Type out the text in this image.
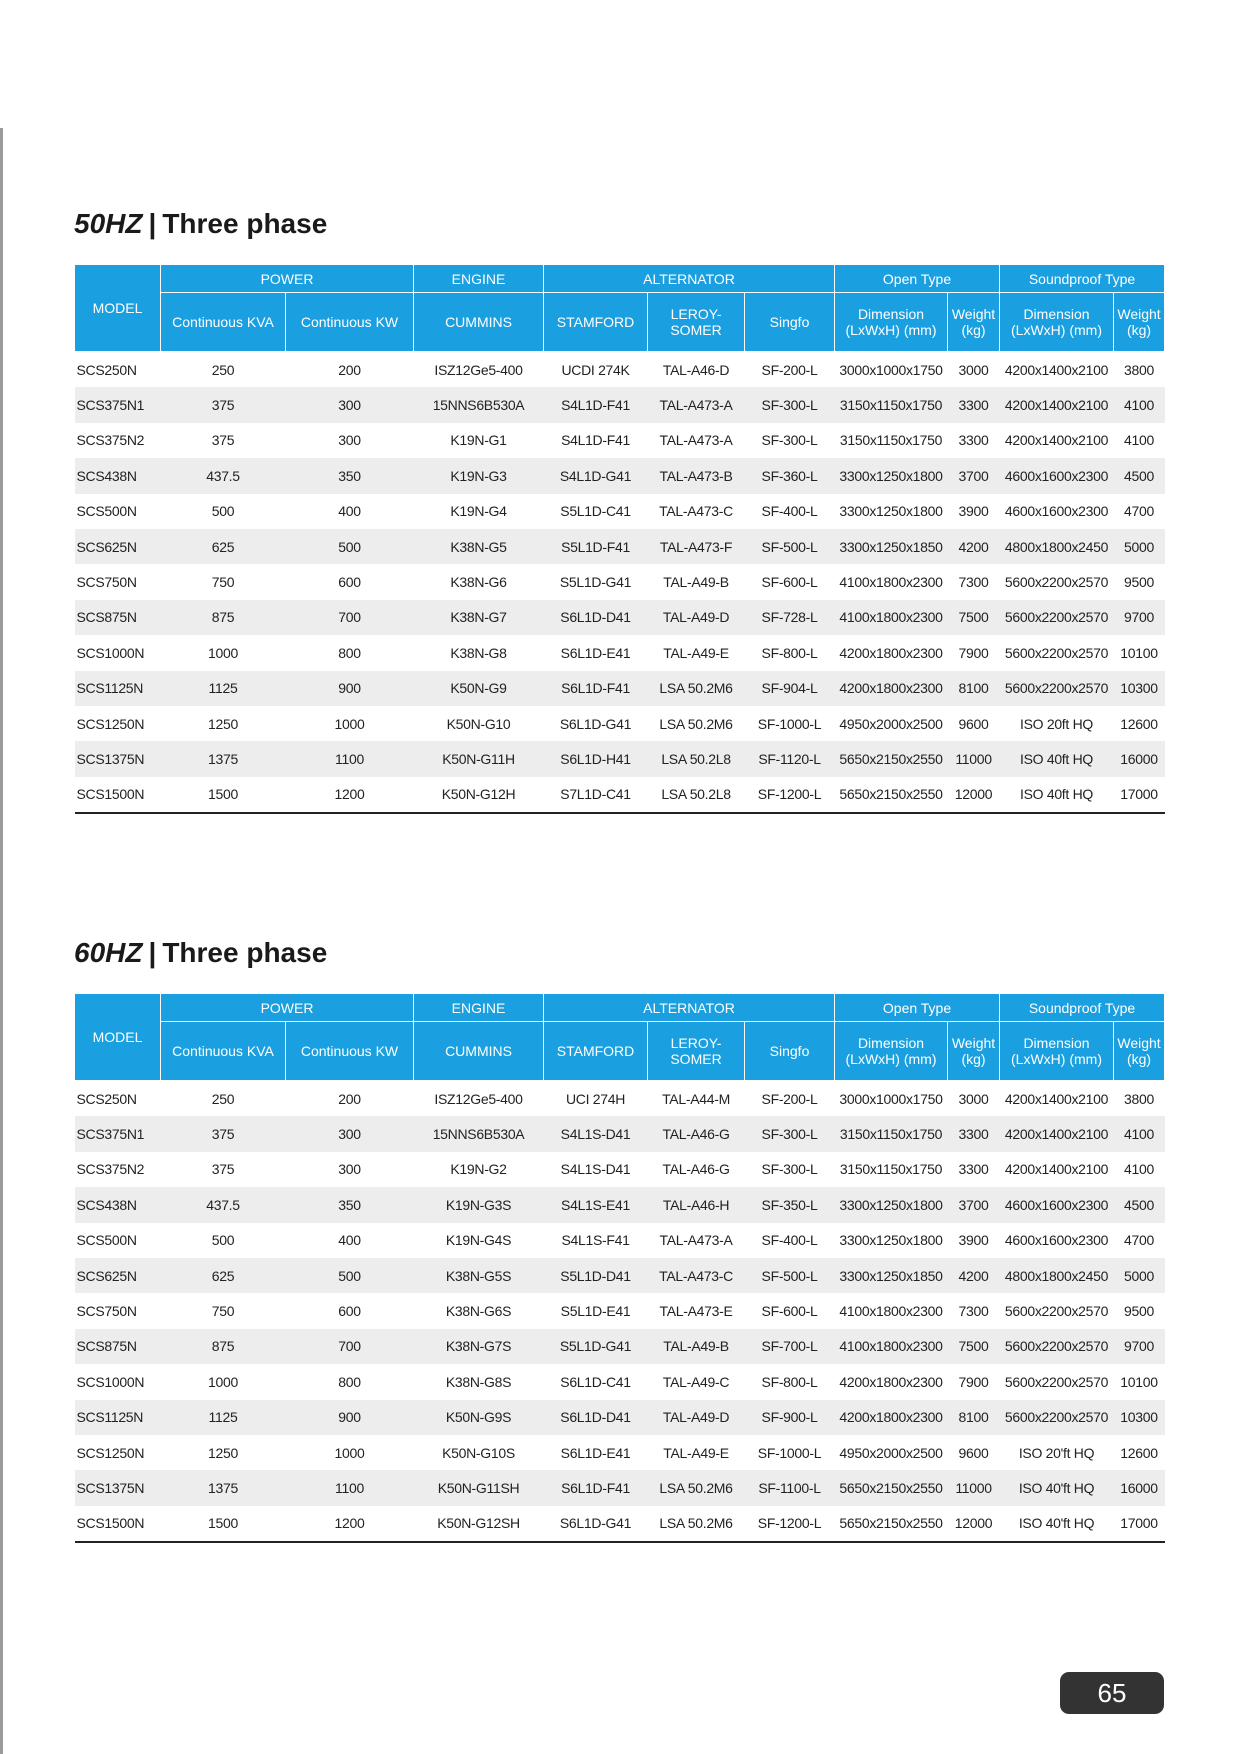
50HZ | Three phase
MODEL	POWER		ENGINE	ALTERNATOR			Open Type		Soundproof Type	
	Continuous KVA	Continuous KW	CUMMINS	STAMFORD	LEROY-SOMER	Singfo	Dimension (LxWxH) (mm)	Weight (kg)	Dimension (LxWxH) (mm)	Weight (kg)
SCS250N	250	200	ISZ12Ge5-400	UCDI 274K	TAL-A46-D	SF-200-L	3000x1000x1750	3000	4200x1400x2100	3800
SCS375N1	375	300	15NNS6B530A	S4L1D-F41	TAL-A473-A	SF-300-L	3150x1150x1750	3300	4200x1400x2100	4100
SCS375N2	375	300	K19N-G1	S4L1D-F41	TAL-A473-A	SF-300-L	3150x1150x1750	3300	4200x1400x2100	4100
SCS438N	437.5	350	K19N-G3	S4L1D-G41	TAL-A473-B	SF-360-L	3300x1250x1800	3700	4600x1600x2300	4500
SCS500N	500	400	K19N-G4	S5L1D-C41	TAL-A473-C	SF-400-L	3300x1250x1800	3900	4600x1600x2300	4700
SCS625N	625	500	K38N-G5	S5L1D-F41	TAL-A473-F	SF-500-L	3300x1250x1850	4200	4800x1800x2450	5000
SCS750N	750	600	K38N-G6	S5L1D-G41	TAL-A49-B	SF-600-L	4100x1800x2300	7300	5600x2200x2570	9500
SCS875N	875	700	K38N-G7	S6L1D-D41	TAL-A49-D	SF-728-L	4100x1800x2300	7500	5600x2200x2570	9700
SCS1000N	1000	800	K38N-G8	S6L1D-E41	TAL-A49-E	SF-800-L	4200x1800x2300	7900	5600x2200x2570	10100
SCS1125N	1125	900	K50N-G9	S6L1D-F41	LSA 50.2M6	SF-904-L	4200x1800x2300	8100	5600x2200x2570	10300
SCS1250N	1250	1000	K50N-G10	S6L1D-G41	LSA 50.2M6	SF-1000-L	4950x2000x2500	9600	ISO 20ft HQ	12600
SCS1375N	1375	1100	K50N-G11H	S6L1D-H41	LSA 50.2L8	SF-1120-L	5650x2150x2550	11000	ISO 40ft HQ	16000
SCS1500N	1500	1200	K50N-G12H	S7L1D-C41	LSA 50.2L8	SF-1200-L	5650x2150x2550	12000	ISO 40ft HQ	17000
60HZ | Three phase
MODEL	POWER		ENGINE	ALTERNATOR			Open Type		Soundproof Type	
	Continuous KVA	Continuous KW	CUMMINS	STAMFORD	LEROY-SOMER	Singfo	Dimension (LxWxH) (mm)	Weight (kg)	Dimension (LxWxH) (mm)	Weight (kg)
SCS250N	250	200	ISZ12Ge5-400	UCI 274H	TAL-A44-M	SF-200-L	3000x1000x1750	3000	4200x1400x2100	3800
SCS375N1	375	300	15NNS6B530A	S4L1S-D41	TAL-A46-G	SF-300-L	3150x1150x1750	3300	4200x1400x2100	4100
SCS375N2	375	300	K19N-G2	S4L1S-D41	TAL-A46-G	SF-300-L	3150x1150x1750	3300	4200x1400x2100	4100
SCS438N	437.5	350	K19N-G3S	S4L1S-E41	TAL-A46-H	SF-350-L	3300x1250x1800	3700	4600x1600x2300	4500
SCS500N	500	400	K19N-G4S	S4L1S-F41	TAL-A473-A	SF-400-L	3300x1250x1800	3900	4600x1600x2300	4700
SCS625N	625	500	K38N-G5S	S5L1D-D41	TAL-A473-C	SF-500-L	3300x1250x1850	4200	4800x1800x2450	5000
SCS750N	750	600	K38N-G6S	S5L1D-E41	TAL-A473-E	SF-600-L	4100x1800x2300	7300	5600x2200x2570	9500
SCS875N	875	700	K38N-G7S	S5L1D-G41	TAL-A49-B	SF-700-L	4100x1800x2300	7500	5600x2200x2570	9700
SCS1000N	1000	800	K38N-G8S	S6L1D-C41	TAL-A49-C	SF-800-L	4200x1800x2300	7900	5600x2200x2570	10100
SCS1125N	1125	900	K50N-G9S	S6L1D-D41	TAL-A49-D	SF-900-L	4200x1800x2300	8100	5600x2200x2570	10300
SCS1250N	1250	1000	K50N-G10S	S6L1D-E41	TAL-A49-E	SF-1000-L	4950x2000x2500	9600	ISO 20'ft HQ	12600
SCS1375N	1375	1100	K50N-G11SH	S6L1D-F41	LSA 50.2M6	SF-1100-L	5650x2150x2550	11000	ISO 40'ft HQ	16000
SCS1500N	1500	1200	K50N-G12SH	S6L1D-G41	LSA 50.2M6	SF-1200-L	5650x2150x2550	12000	ISO 40'ft HQ	17000
65
